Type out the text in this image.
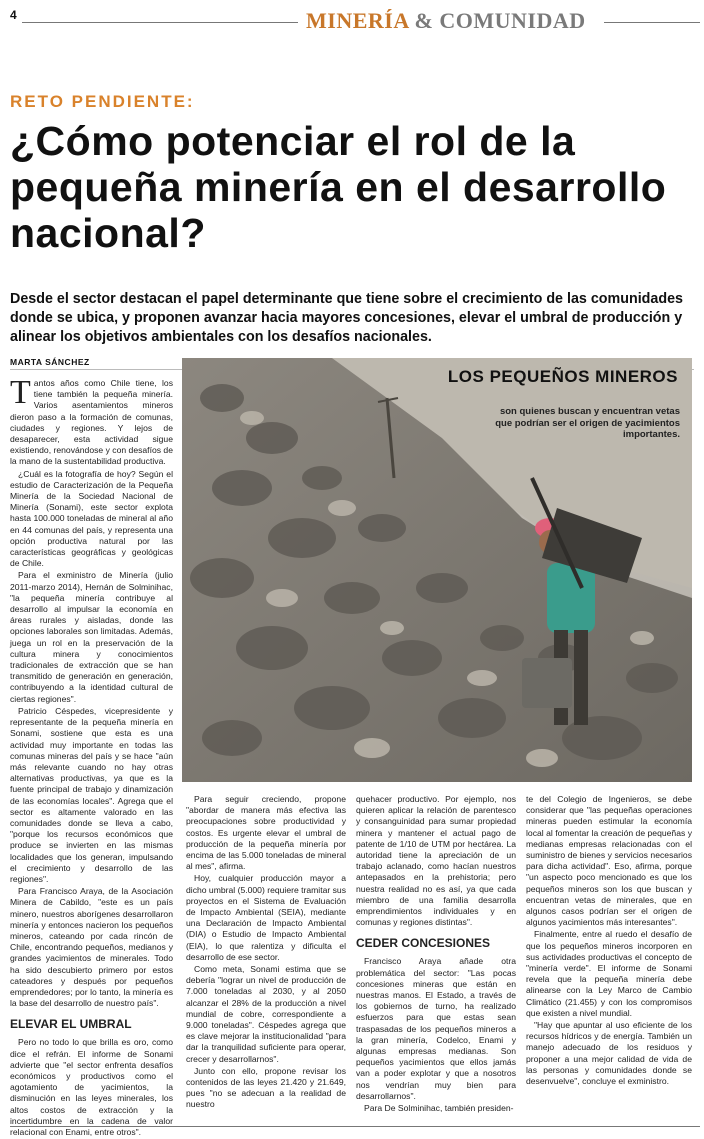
4	MINERÍA & COMUNIDAD
RETO PENDIENTE:
¿Cómo potenciar el rol de la pequeña minería en el desarrollo nacional?

Desde el sector destacan el papel determinante que tiene sobre el crecimiento de las comunidades donde se ubica, y proponen avanzar hacia mayores concesiones, elevar el umbral de producción y alinear los objetivos ambientales con los desafíos nacionales.

MARTA SÁNCHEZ

Tantos años como Chile tiene, los tiene también la pequeña minería. Varios asentamientos mineros dieron paso a la formación de comunas, ciudades y regiones. Y lejos de desaparecer, esta actividad sigue existiendo, renovándose y con desafíos de la mano de la sustentabilidad productiva.

¿Cuál es la fotografía de hoy? Según el estudio de Caracterización de la Pequeña Minería de la Sociedad Nacional de Minería (Sonami), este sector explota hasta 100.000 toneladas de mineral al año en 44 comunas del país, y representa una opción productiva natural por las características geográficas y geológicas de Chile.

Para el exministro de Minería (julio 2011-marzo 2014), Hernán de Solminihac, "la pequeña minería contribuye al desarrollo al impulsar la economía en áreas rurales y aisladas, donde las opciones laborales son limitadas. Además, juega un rol en la preservación de la cultura minera y conocimientos tradicionales de extracción que se han transmitido de generación en generación, contribuyendo a la identidad cultural de ciertas regiones".

Patricio Céspedes, vicepresidente y representante de la pequeña minería en Sonami, sostiene que esta es una actividad muy importante en todas las comunas mineras del país y se hace "aún más relevante cuando no hay otras alternativas productivas, ya que es la fuente principal de trabajo y dinamización de las economías locales". Agrega que el sector es altamente valorado en las comunidades donde se lleva a cabo, "porque los recursos económicos que produce se invierten en las mismas localidades que los generan, impulsando el crecimiento y desarrollo de las regiones".

Para Francisco Araya, de la Asociación Minera de Cabildo, "este es un país minero, nuestros aborígenes desarrollaron minería y entonces nacieron los pequeños mineros, cateando por cada rincón de Chile, encontrando pequeños, medianos y grandes yacimientos de minerales. Todo ha sido descubierto primero por estos cateadores y después por pequeños emprendedores; por lo tanto, la minería es la base del desarrollo de nuestro país".

ELEVAR EL UMBRAL

Pero no todo lo que brilla es oro, como dice el refrán. El informe de Sonami advierte que "el sector enfrenta desafíos económicos y productivos como el agotamiento de yacimientos, la disminución en las leyes minerales, los altos costos de extracción y la incertidumbre en la cadena de valor relacional con Enami, entre otros".

LOS PEQUEÑOS MINEROS
son quienes buscan y encuentran vetas que podrían ser el origen de yacimientos importantes.

Para seguir creciendo, propone "abordar de manera más efectiva las preocupaciones sobre productividad y costos. Es urgente elevar el umbral de producción de la pequeña minería por encima de las 5.000 toneladas de mineral al mes", afirma.

Hoy, cualquier producción mayor a dicho umbral (5.000) requiere tramitar sus proyectos en el Sistema de Evaluación de Impacto Ambiental (SEIA), mediante una Declaración de Impacto Ambiental (DIA) o Estudio de Impacto Ambiental (EIA), lo que ralentiza y dificulta el desarrollo de ese sector.

Como meta, Sonami estima que se debería "lograr un nivel de producción de 7.000 toneladas al 2030, y al 2050 alcanzar el 28% de la producción a nivel mundial de cobre, correspondiente a 9.000 toneladas". Céspedes agrega que es clave mejorar la institucionalidad "para dar la tranquilidad suficiente para operar, crecer y desarrollarnos".

Junto con ello, propone revisar los contenidos de las leyes 21.420 y 21.649, pues "no se adecuan a la realidad de nuestro

quehacer productivo. Por ejemplo, nos quieren aplicar la relación de parentesco y consanguinidad para sumar propiedad minera y mantener el actual pago de patente de 1/10 de UTM por hectárea. La autoridad tiene la apreciación de un trabajo aclanado, como hacían nuestros antepasados en la prehistoria; pero nuestra realidad no es así, ya que cada miembro de una familia desarrolla emprendimientos individuales y en comunas y regiones distintas".

CEDER CONCESIONES

Francisco Araya añade otra problemática del sector: "Las pocas concesiones mineras que están en nuestras manos. El Estado, a través de los gobiernos de turno, ha realizado esfuerzos para que estas sean traspasadas de los pequeños mineros a la gran minería, Codelco, Enami y algunas empresas medianas. Son pequeños yacimientos que ellos jamás van a poder explotar y que a nosotros nos vendrían muy bien para desarrollarnos".

Para De Solminihac, también presiden-

te del Colegio de Ingenieros, se debe considerar que "las pequeñas operaciones mineras pueden estimular la economía local al fomentar la creación de pequeñas y medianas empresas relacionadas con el suministro de bienes y servicios necesarios para dicha actividad". Eso, afirma, porque "un aspecto poco mencionado es que los pequeños mineros son los que buscan y encuentran vetas de minerales, que en algunos casos podrían ser el origen de algunos yacimientos más interesantes".

Finalmente, entre al ruedo el desafío de que los pequeños mineros incorporen en sus actividades productivas el concepto de "minería verde". El informe de Sonami revela que la pequeña minería debe alinearse con la Ley Marco de Cambio Climático (21.455) y con los compromisos que existen a nivel mundial.

"Hay que apuntar al uso eficiente de los recursos hídricos y de energía. También un manejo adecuado de los residuos y proponer a una mejor calidad de vida de las personas y comunidades donde se desenvuelve", concluye el exministro.
